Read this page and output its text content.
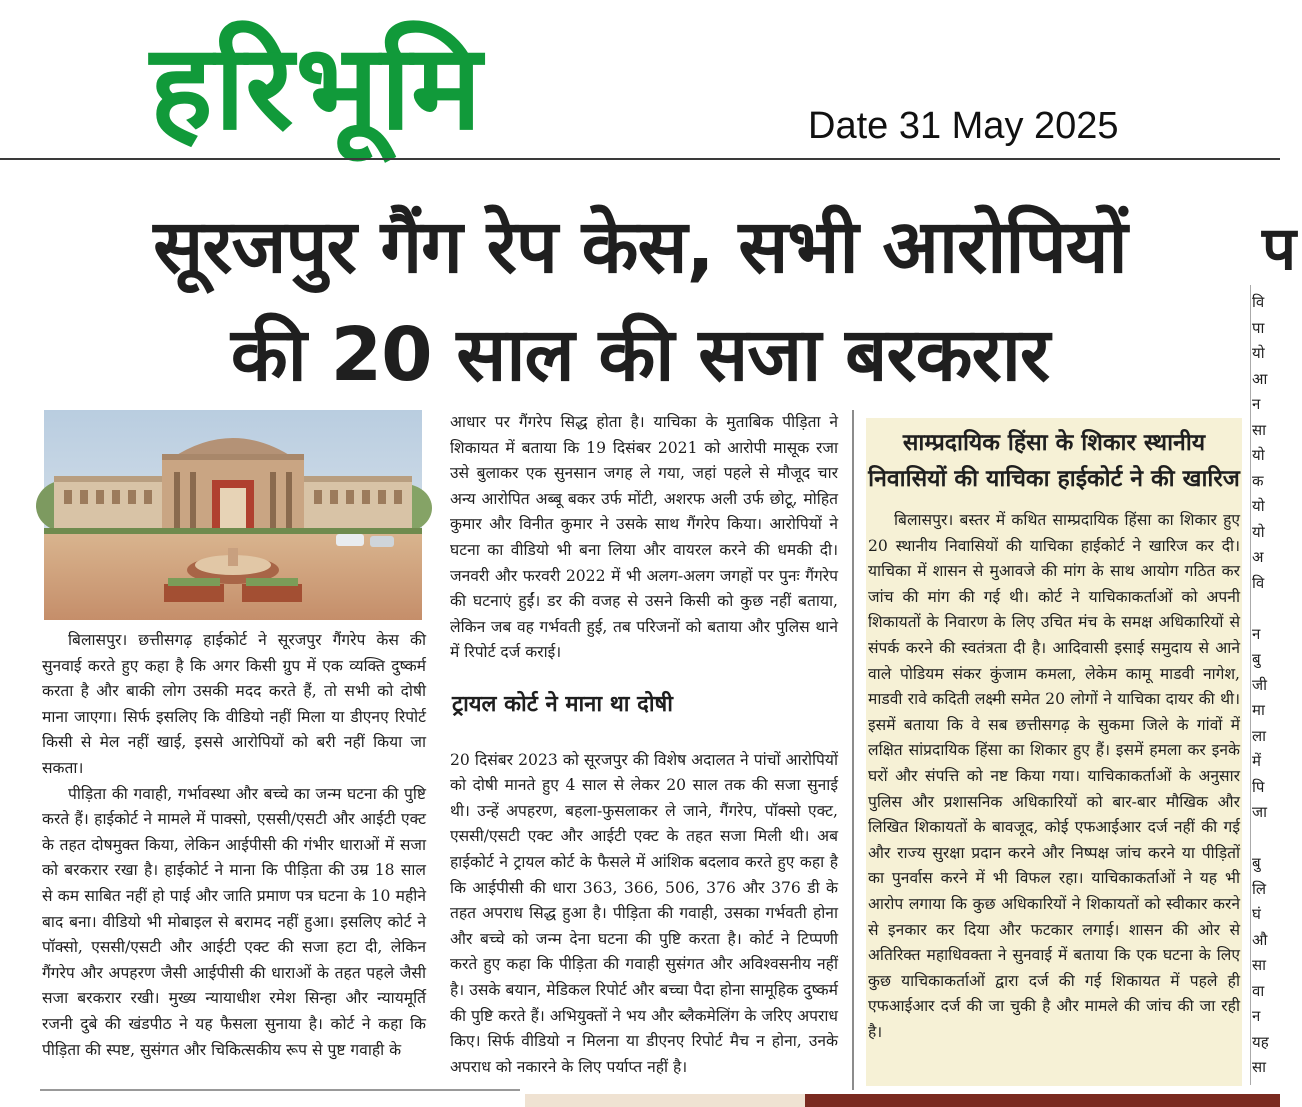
हरिभूमि	Date 31 May 2025
सूरजपुर गैंग रेप केस, सभी आरोपियों
की 20 साल की सजा बरकरार
प

बिलासपुर। छत्तीसगढ़ हाईकोर्ट ने सूरजपुर गैंगरेप केस की सुनवाई करते हुए कहा है कि अगर किसी ग्रुप में एक व्यक्ति दुष्कर्म करता है और बाकी लोग उसकी मदद करते हैं, तो सभी को दोषी माना जाएगा। सिर्फ इसलिए कि वीडियो नहीं मिला या डीएनए रिपोर्ट किसी से मेल नहीं खाई, इससे आरोपियों को बरी नहीं किया जा सकता।

पीड़िता की गवाही, गर्भावस्था और बच्चे का जन्म घटना की पुष्टि करते हैं। हाईकोर्ट ने मामले में पाक्सो, एससी/एसटी और आईटी एक्ट के तहत दोषमुक्त किया, लेकिन आईपीसी की गंभीर धाराओं में सजा को बरकरार रखा है। हाईकोर्ट ने माना कि पीड़िता की उम्र 18 साल से कम साबित नहीं हो पाई और जाति प्रमाण पत्र घटना के 10 महीने बाद बना। वीडियो भी मोबाइल से बरामद नहीं हुआ। इसलिए कोर्ट ने पॉक्सो, एससी/एसटी और आईटी एक्ट की सजा हटा दी, लेकिन गैंगरेप और अपहरण जैसी आईपीसी की धाराओं के तहत पहले जैसी सजा बरकरार रखी। मुख्य न्यायाधीश रमेश सिन्हा और न्यायमूर्ति रजनी दुबे की खंडपीठ ने यह फैसला सुनाया है। कोर्ट ने कहा कि पीड़िता की स्पष्ट, सुसंगत और चिकित्सकीय रूप से पुष्ट गवाही के

आधार पर गैंगरेप सिद्ध होता है। याचिका के मुताबिक पीड़िता ने शिकायत में बताया कि 19 दिसंबर 2021 को आरोपी मासूक रजा उसे बुलाकर एक सुनसान जगह ले गया, जहां पहले से मौजूद चार अन्य आरोपित अब्बू बकर उर्फ मोंटी, अशरफ अली उर्फ छोटू, मोहित कुमार और विनीत कुमार ने उसके साथ गैंगरेप किया। आरोपियों ने घटना का वीडियो भी बना लिया और वायरल करने की धमकी दी। जनवरी और फरवरी 2022 में भी अलग-अलग जगहों पर पुनः गैंगरेप की घटनाएं हुईं। डर की वजह से उसने किसी को कुछ नहीं बताया, लेकिन जब वह गर्भवती हुई, तब परिजनों को बताया और पुलिस थाने में रिपोर्ट दर्ज कराई।

ट्रायल कोर्ट ने माना था दोषी

20 दिसंबर 2023 को सूरजपुर की विशेष अदालत ने पांचों आरोपियों को दोषी मानते हुए 4 साल से लेकर 20 साल तक की सजा सुनाई थी। उन्हें अपहरण, बहला-फुसलाकर ले जाने, गैंगरेप, पॉक्सो एक्ट, एससी/एसटी एक्ट और आईटी एक्ट के तहत सजा मिली थी। अब हाईकोर्ट ने ट्रायल कोर्ट के फैसले में आंशिक बदलाव करते हुए कहा है कि आईपीसी की धारा 363, 366, 506, 376 और 376 डी के तहत अपराध सिद्ध हुआ है। पीड़िता की गवाही, उसका गर्भवती होना और बच्चे को जन्म देना घटना की पुष्टि करता है। कोर्ट ने टिप्पणी करते हुए कहा कि पीड़िता की गवाही सुसंगत और अविश्वसनीय नहीं है। उसके बयान, मेडिकल रिपोर्ट और बच्चा पैदा होना सामूहिक दुष्कर्म की पुष्टि करते हैं। अभियुक्तों ने भय और ब्लैकमेलिंग के जरिए अपराध किए। सिर्फ वीडियो न मिलना या डीएनए रिपोर्ट मैच न होना, उनके अपराध को नकारने के लिए पर्याप्त नहीं है।

साम्प्रदायिक हिंसा के शिकार स्थानीय
निवासियों की याचिका हाईकोर्ट ने की खारिज

बिलासपुर। बस्तर में कथित साम्प्रदायिक हिंसा का शिकार हुए 20 स्थानीय निवासियों की याचिका हाईकोर्ट ने खारिज कर दी। याचिका में शासन से मुआवजे की मांग के साथ आयोग गठित कर जांच की मांग की गई थी। कोर्ट ने याचिकाकर्ताओं को अपनी शिकायतों के निवारण के लिए उचित मंच के समक्ष अधिकारियों से संपर्क करने की स्वतंत्रता दी है। आदिवासी इसाई समुदाय से आने वाले पोडियम संकर कुंजाम कमला, लेकेम कामू माडवी नागेश, माडवी रावे कदिती लक्ष्मी समेत 20 लोगों ने याचिका दायर की थी। इसमें बताया कि वे सब छत्तीसगढ़ के सुकमा जिले के गांवों में लक्षित सांप्रदायिक हिंसा का शिकार हुए हैं। इसमें हमला कर इनके घरों और संपत्ति को नष्ट किया गया। याचिकाकर्ताओं के अनुसार पुलिस और प्रशासनिक अधिकारियों को बार-बार मौखिक और लिखित शिकायतों के बावजूद, कोई एफआईआर दर्ज नहीं की गई और राज्य सुरक्षा प्रदान करने और निष्पक्ष जांच करने या पीड़ितों का पुनर्वास करने में भी विफल रहा। याचिकाकर्ताओं ने यह भी आरोप लगाया कि कुछ अधिकारियों ने शिकायतों को स्वीकार करने से इनकार कर दिया और फटकार लगाई। शासन की ओर से अतिरिक्त महाधिवक्ता ने सुनवाई में बताया कि एक घटना के लिए कुछ याचिकाकर्ताओं द्वारा दर्ज की गई शिकायत में पहले ही एफआईआर दर्ज की जा चुकी है और मामले की जांच की जा रही है।

वि
पा
यो
आ
न
सा
यो
क
यो
यो
अ
वि

न
बु
जी
मा
ला
में
पि
जा

बु
लि
घं
औ
सा
वा
न
यह
सा
